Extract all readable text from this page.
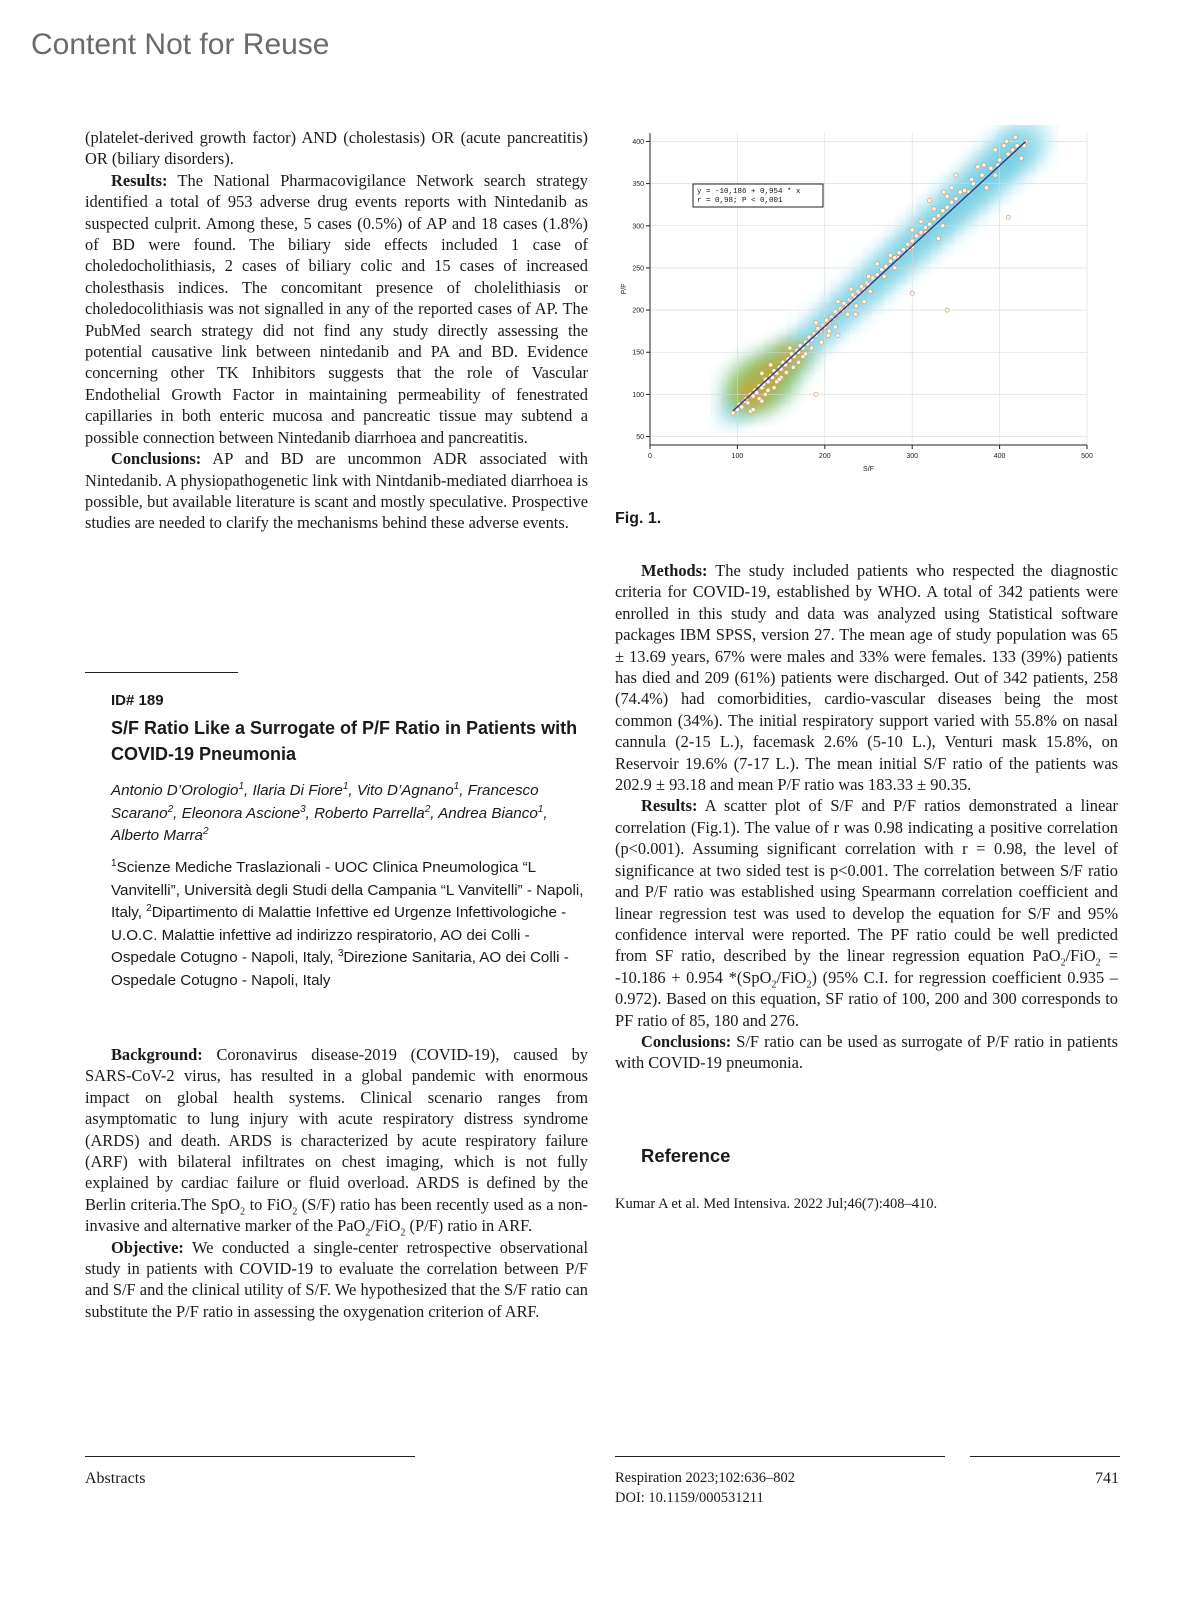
Content Not for Reuse

(platelet-derived growth factor) AND (cholestasis) OR (acute pancreatitis) OR (biliary disorders).

Results: The National Pharmacovigilance Network search strategy identified a total of 953 adverse drug events reports with Nintedanib as suspected culprit. Among these, 5 cases (0.5%) of AP and 18 cases (1.8%) of BD were found. The biliary side effects included 1 case of choledocholithiasis, 2 cases of biliary colic and 15 cases of increased cholesthasis indices. The concomitant presence of cholelithiasis or choledocolithiasis was not signalled in any of the reported cases of AP. The PubMed search strategy did not find any study directly assessing the potential causative link between nintedanib and PA and BD. Evidence concerning other TK Inhibitors suggests that the role of Vascular Endothelial Growth Factor in maintaining permeability of fenestrated capillaries in both enteric mucosa and pancreatic tissue may subtend a possible connection between Nintedanib diarrhoea and pancreatitis.

Conclusions: AP and BD are uncommon ADR associated with Nintedanib. A physiopathogenetic link with Nintdanib-mediated diarrhoea is possible, but available literature is scant and mostly speculative. Prospective studies are needed to clarify the mechanisms behind these adverse events.

ID# 189
S/F Ratio Like a Surrogate of P/F Ratio in Patients with COVID-19 Pneumonia
Antonio D’Orologio$^1$, Ilaria Di Fiore$^1$, Vito D’Agnano$^1$, Francesco Scarano$^2$, Eleonora Ascione$^3$, Roberto Parrella$^2$, Andrea Bianco$^1$, Alberto Marra$^2$
$^1$Scienze Mediche Traslazionali - UOC Clinica Pneumologica “L Vanvitelli”, Università degli Studi della Campania “L Vanvitelli” - Napoli, Italy, $^2$Dipartimento di Malattie Infettive ed Urgenze Infettivologiche - U.O.C. Malattie infettive ad indirizzo respiratorio, AO dei Colli - Ospedale Cotugno - Napoli, Italy, $^3$Direzione Sanitaria, AO dei Colli - Ospedale Cotugno - Napoli, Italy

Background: Coronavirus disease-2019 (COVID-19), caused by SARS-CoV-2 virus, has resulted in a global pandemic with enormous impact on global health systems. Clinical scenario ranges from asymptomatic to lung injury with acute respiratory distress syndrome (ARDS) and death. ARDS is characterized by acute respiratory failure (ARF) with bilateral infiltrates on chest imaging, which is not fully explained by cardiac failure or fluid overload. ARDS is defined by the Berlin criteria.The SpO$_2$ to FiO$_2$ (S/F) ratio has been recently used as a non-invasive and alternative marker of the PaO$_2$/FiO$_2$ (P/F) ratio in ARF.

Objective: We conducted a single-center retrospective observational study in patients with COVID-19 to evaluate the correlation between P/F and S/F and the clinical utility of S/F. We hypothesized that the S/F ratio can substitute the P/F ratio in assessing the oxygenation criterion of ARF.

50
100
150
200
250
300
350
400
0	100	200	300	400	500
y = -10,186 + 0,954 * x
r = 0,98; P < 0,001
S/F
P/F
Fig. 1.

Methods: The study included patients who respected the diagnostic criteria for COVID-19, established by WHO. A total of 342 patients were enrolled in this study and data was analyzed using Statistical software packages IBM SPSS, version 27. The mean age of study population was 65 ± 13.69 years, 67% were males and 33% were females. 133 (39%) patients has died and 209 (61%) patients were discharged. Out of 342 patients, 258 (74.4%) had comorbidities, cardio-vascular diseases being the most common (34%). The initial respiratory support varied with 55.8% on nasal cannula (2-15 L.), facemask 2.6% (5-10 L.), Venturi mask 15.8%, on Reservoir 19.6% (7-17 L.). The mean initial S/F ratio of the patients was 202.9 ± 93.18 and mean P/F ratio was 183.33 ± 90.35.

Results: A scatter plot of S/F and P/F ratios demonstrated a linear correlation (Fig.1). The value of r was 0.98 indicating a positive correlation (p<0.001). Assuming significant correlation with r = 0.98, the level of significance at two sided test is p<0.001. The correlation between S/F ratio and P/F ratio was established using Spearmann correlation coefficient and linear regression test was used to develop the equation for S/F and 95% confidence interval were reported. The PF ratio could be well predicted from SF ratio, described by the linear regression equation PaO$_2$/FiO$_2$ = -10.186 + 0.954 *(SpO$_2$/FiO$_2$) (95% C.I. for regression coefficient 0.935 – 0.972). Based on this equation, SF ratio of 100, 200 and 300 corresponds to PF ratio of 85, 180 and 276.

Conclusions: S/F ratio can be used as surrogate of P/F ratio in patients with COVID-19 pneumonia.

Reference
Kumar A et al. Med Intensiva. 2022 Jul;46(7):408–410.
Abstracts	Respiration 2023;102:636–802
DOI: 10.1159/000531211
741
